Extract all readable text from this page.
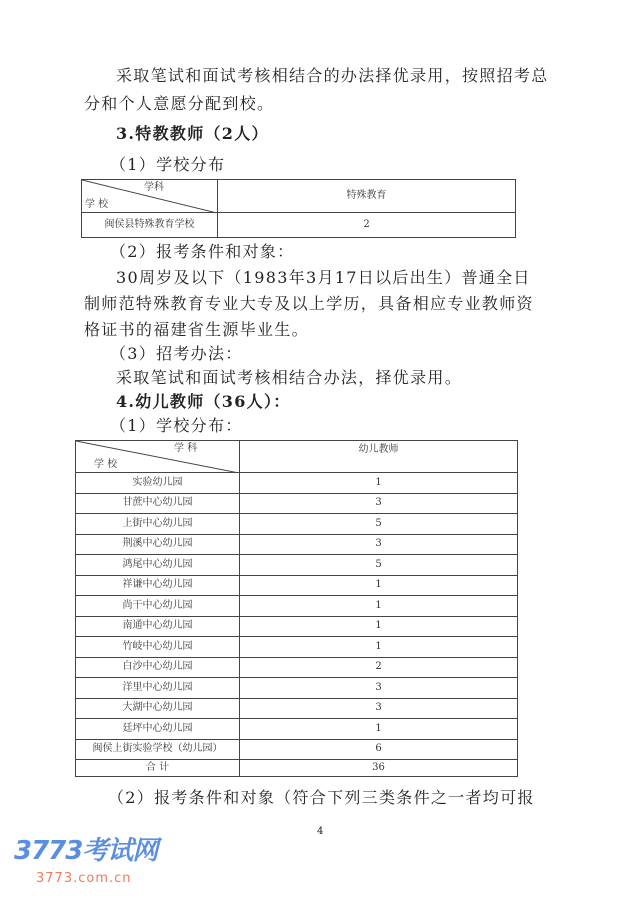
采取笔试和面试考核相结合的办法择优录用，按照招考总
分和个人意愿分配到校。
3.特教教师（2人）
（1）学校分布
学科
学 校	特殊教育
闽侯县特殊教育学校	2
（2）报考条件和对象：
30周岁及以下（1983年3月17日以后出生）普通全日
制师范特殊教育专业大专及以上学历，具备相应专业教师资
格证书的福建省生源毕业生。
（3）招考办法：
采取笔试和面试考核相结合办法，择优录用。
4.幼儿教师（36人）：
（1）学校分布：
学 科
学 校	幼儿教师
实验幼儿园	1
甘蔗中心幼儿园	3
上街中心幼儿园	5
荆溪中心幼儿园	3
鸿尾中心幼儿园	5
祥谦中心幼儿园	1
尚干中心幼儿园	1
南通中心幼儿园	1
竹岐中心幼儿园	1
白沙中心幼儿园	2
洋里中心幼儿园	3
大湖中心幼儿园	3
廷坪中心幼儿园	1
闽侯上街实验学校（幼儿园）	6
合 计	36
（2）报考条件和对象（符合下列三类条件之一者均可报
4
3773考试网
3773.com.cn
